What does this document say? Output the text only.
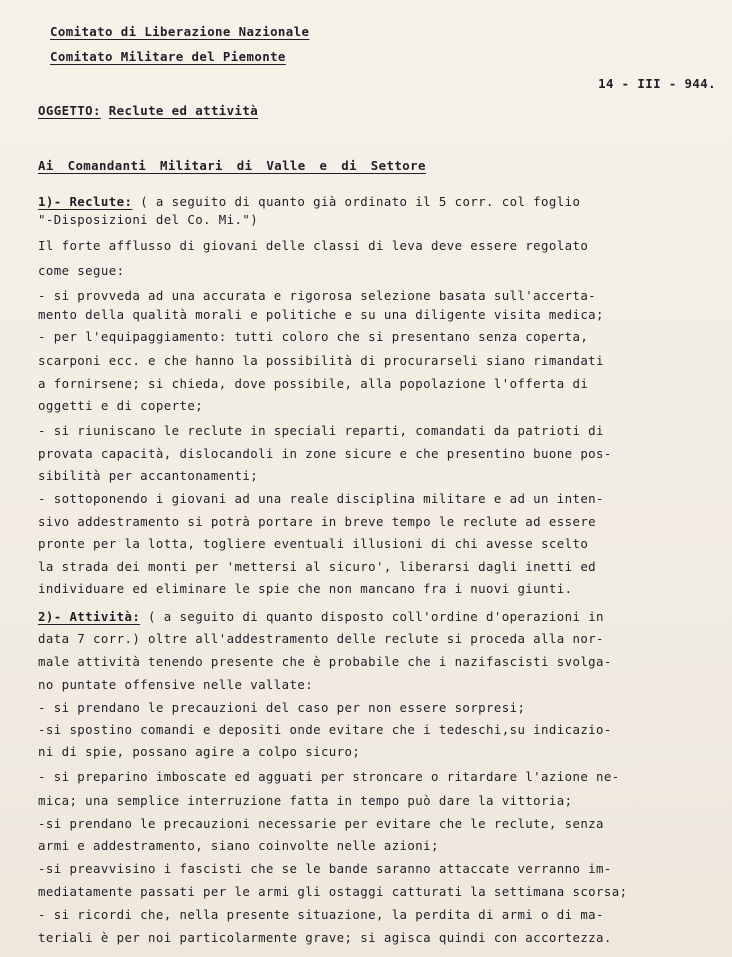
Comitato di Liberazione Nazionale
Comitato Militare del Piemonte
14 - III - 944.
OGGETTO: Reclute ed attività
Ai Comandanti Militari di Valle e di Settore
1)- Reclute: ( a seguito di quanto già ordinato il 5 corr. col foglio
"-Disposizioni del Co. Mi.")
Il forte afflusso di giovani delle classi di leva deve essere regolato
come segue:
- si provveda ad una accurata e rigorosa selezione basata sull'accerta-
mento della qualità morali e politiche e su una diligente visita medica;
- per l'equipaggiamento: tutti coloro che si presentano senza coperta,
scarponi ecc. e che hanno la possibilità di procurarseli siano rimandati
a fornirsene; si chieda, dove possibile, alla popolazione l'offerta di
oggetti e di coperte;
- si riuniscano le reclute in speciali reparti, comandati da patrioti di
provata capacità, dislocandoli in zone sicure e che presentino buone pos-
sibilità per accantonamenti;
- sottoponendo i giovani ad una reale disciplina militare e ad un inten-
sivo addestramento si potrà portare in breve tempo le reclute ad essere
pronte per la lotta, togliere eventuali illusioni di chi avesse scelto
la strada dei monti per 'mettersi al sicuro', liberarsi dagli inetti ed
individuare ed eliminare le spie che non mancano fra i nuovi giunti.
2)- Attività: ( a seguito di quanto disposto coll'ordine d'operazioni in
data 7 corr.) oltre all'addestramento delle reclute si proceda alla nor-
male attività tenendo presente che è probabile che i nazifascisti svolga-
no puntate offensive nelle vallate:
- si prendano le precauzioni del caso per non essere sorpresi;
-si spostino comandi e depositi onde evitare che i tedeschi,su indicazio-
ni di spie, possano agire a colpo sicuro;
- si preparino imboscate ed agguati per stroncare o ritardare l'azione ne-
mica; una semplice interruzione fatta in tempo può dare la vittoria;
-si prendano le precauzioni necessarie per evitare che le reclute, senza
armi e addestramento, siano coinvolte nelle azioni;
-si preavvisino i fascisti che se le bande saranno attaccate verranno im-
mediatamente passati per le armi gli ostaggi catturati la settimana scorsa;
- si ricordi che, nella presente situazione, la perdita di armi o di ma-
teriali è per noi particolarmente grave; si agisca quindi con accortezza.
